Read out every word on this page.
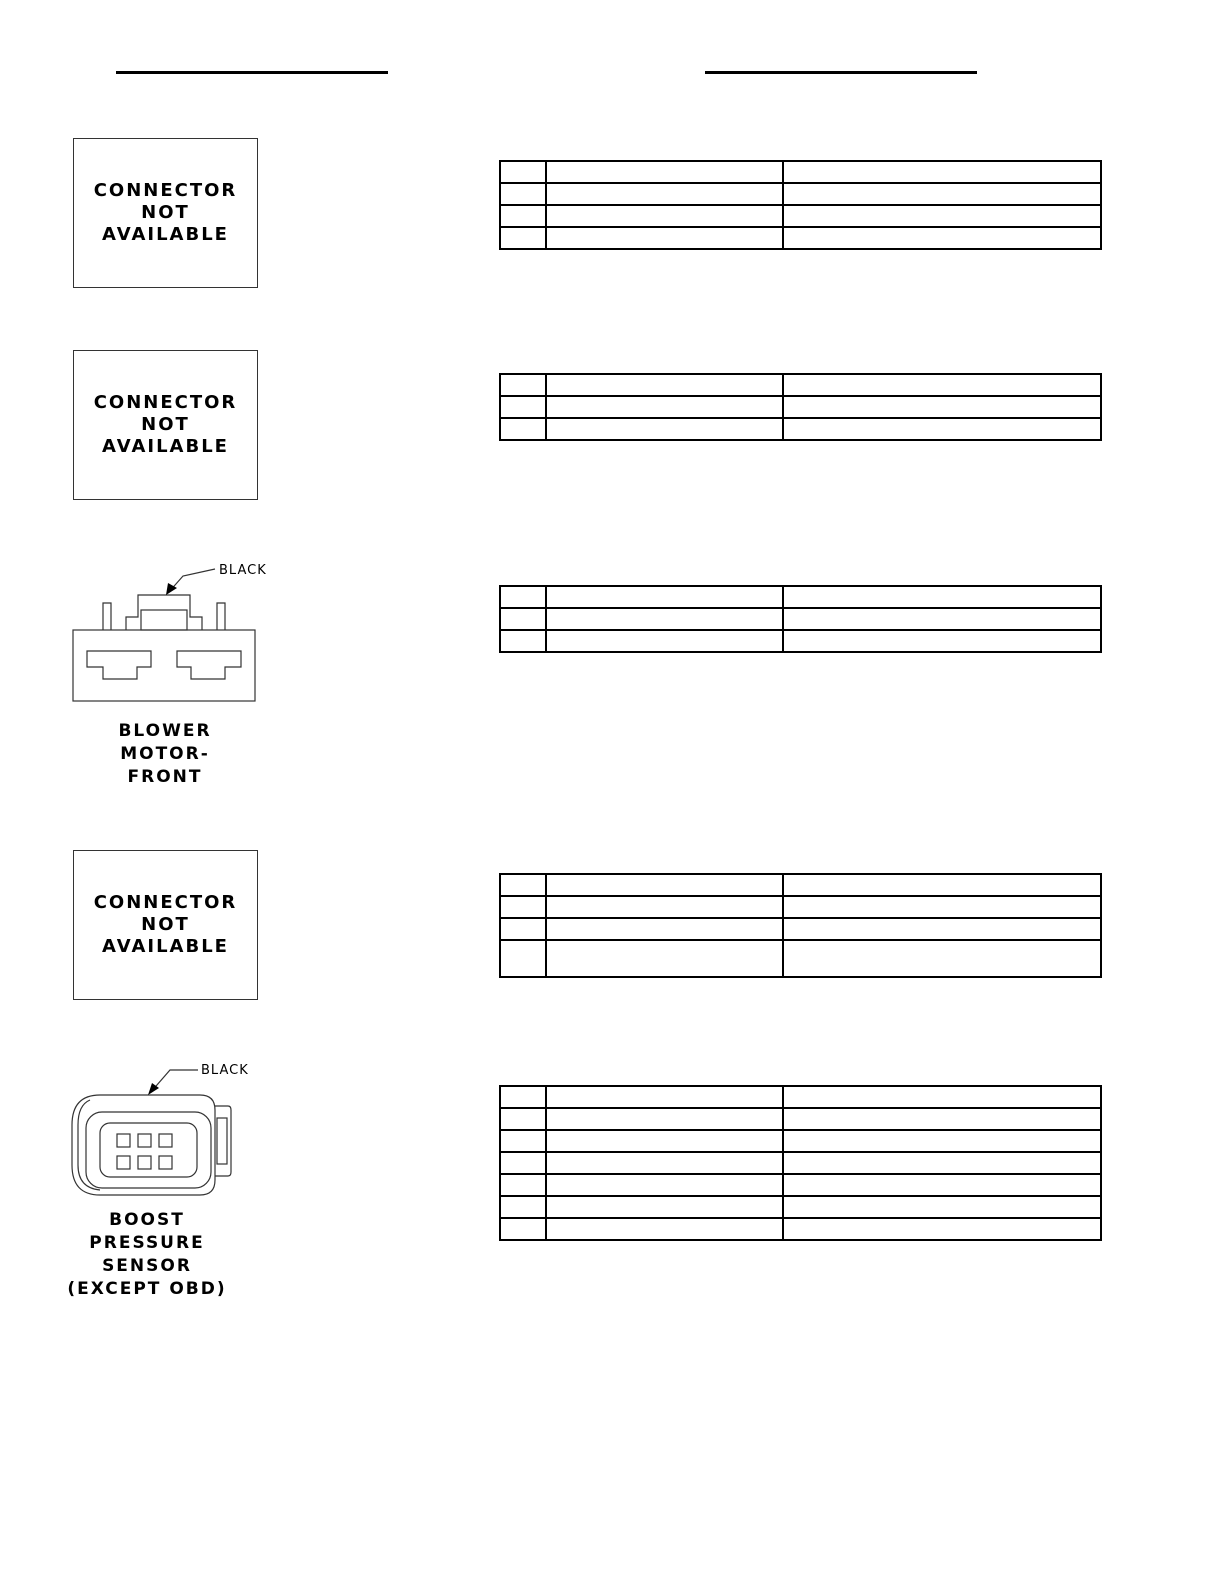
CONNECTOR
NOT
AVAILABLE

CONNECTOR
NOT
AVAILABLE

BLACK
BLOWER
MOTOR-
FRONT

CONNECTOR
NOT
AVAILABLE

BLACK
BOOST
PRESSURE
SENSOR
(EXCEPT OBD)
